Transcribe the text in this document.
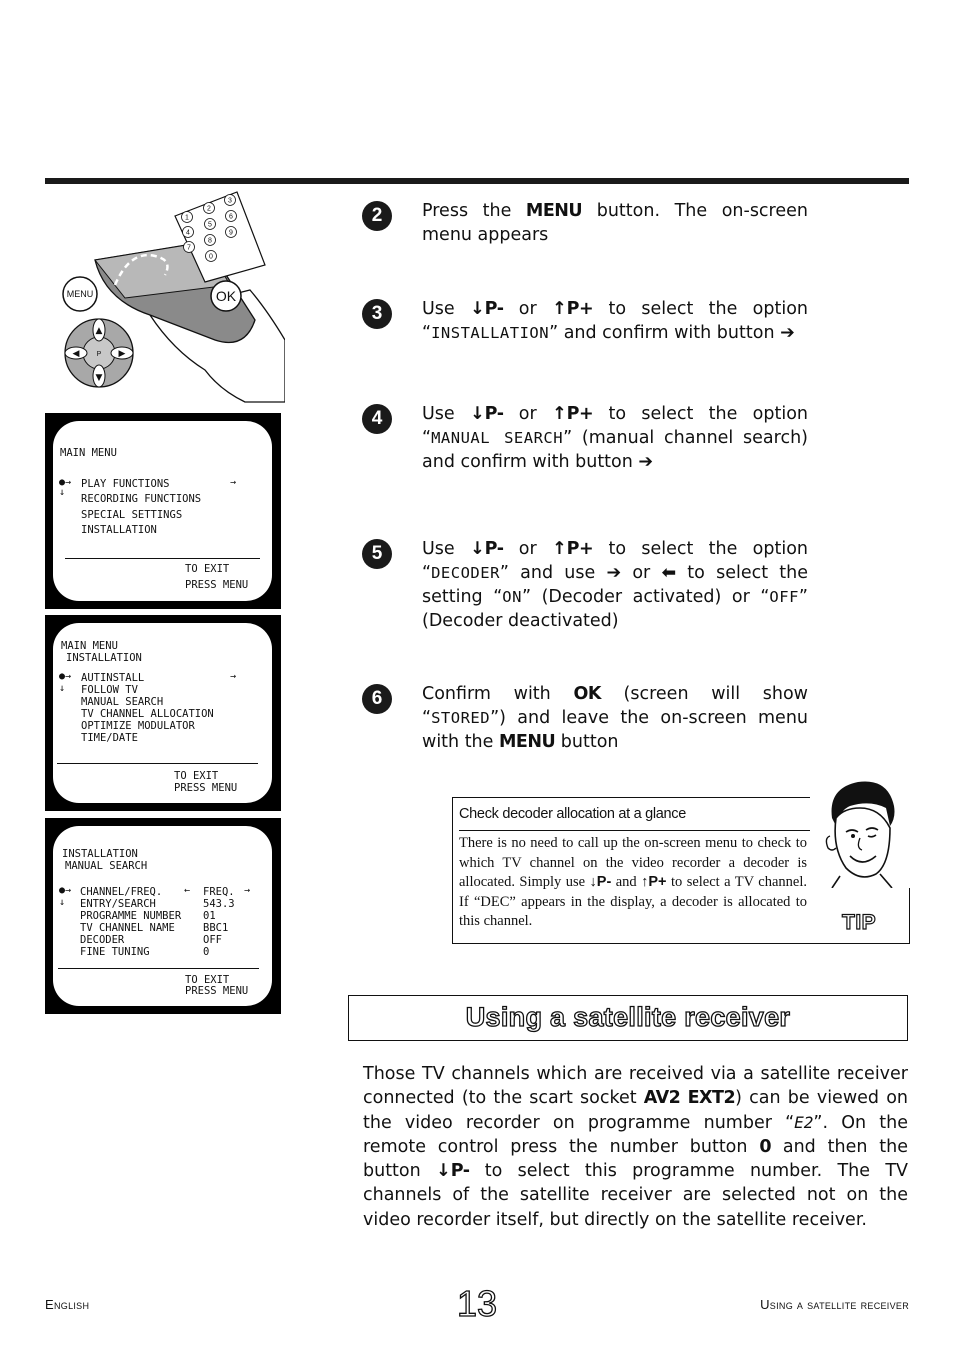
1
2
3
4
5
6
7
8
9
0
MENU	OK
P
▲
▼
◀	▶
MAIN MENU
●→
↓
→
PLAY FUNCTIONS
RECORDING FUNCTIONS
SPECIAL SETTINGS
INSTALLATION
TO EXIT
PRESS MENU
MAIN MENU
INSTALLATION
●→
↓
→
AUTINSTALL
FOLLOW TV
MANUAL SEARCH
TV CHANNEL ALLOCATION
OPTIMIZE MODULATOR
TIME/DATE
TO EXIT
PRESS MENU
INSTALLATION
MANUAL SEARCH
●→
↓
←	→
CHANNEL/FREQ.	FREQ.
ENTRY/SEARCH	543.3
PROGRAMME NUMBER 01
TV CHANNEL NAME	BBC1
DECODER	OFF
FINE TUNING	0
TO EXIT
PRESS MENU
2	Press the MENU button. The on-screen menu appears
3	Use ↓P- or ↑P+ to select the option “INSTALLATION” and confirm with button ➔
4	Use ↓P- or ↑P+ to select the option “MANUAL SEARCH” (manual channel search) and confirm with button ➔
5	Use ↓P- or ↑P+ to select the option “DECODER” and use ➔ or ⬅ to select the setting “ON” (Decoder activated) or “OFF” (Decoder deactivated)
6	Confirm with OK (screen will show “STORED”) and leave the on-screen menu with the MENU button
Check decoder allocation at a glance
There is no need to call up the on-screen menu to check to which TV channel on the video recorder a decoder is allocated. Simply use ↓P- and ↑P+ to select a TV channel. If “DEC” appears in the display, a decoder is allocated to this channel.	TIP
Using a satellite receiver
Those TV channels which are received via a satellite receiver connected (to the scart socket AV2 EXT2) can be viewed on the video recorder on programme number “E2”. On the remote control press the number button 0 and then the button ↓P- to select this programme number. The TV channels of the satellite receiver are selected not on the video recorder itself, but directly on the satellite receiver.
English	13	Using a satellite receiver
